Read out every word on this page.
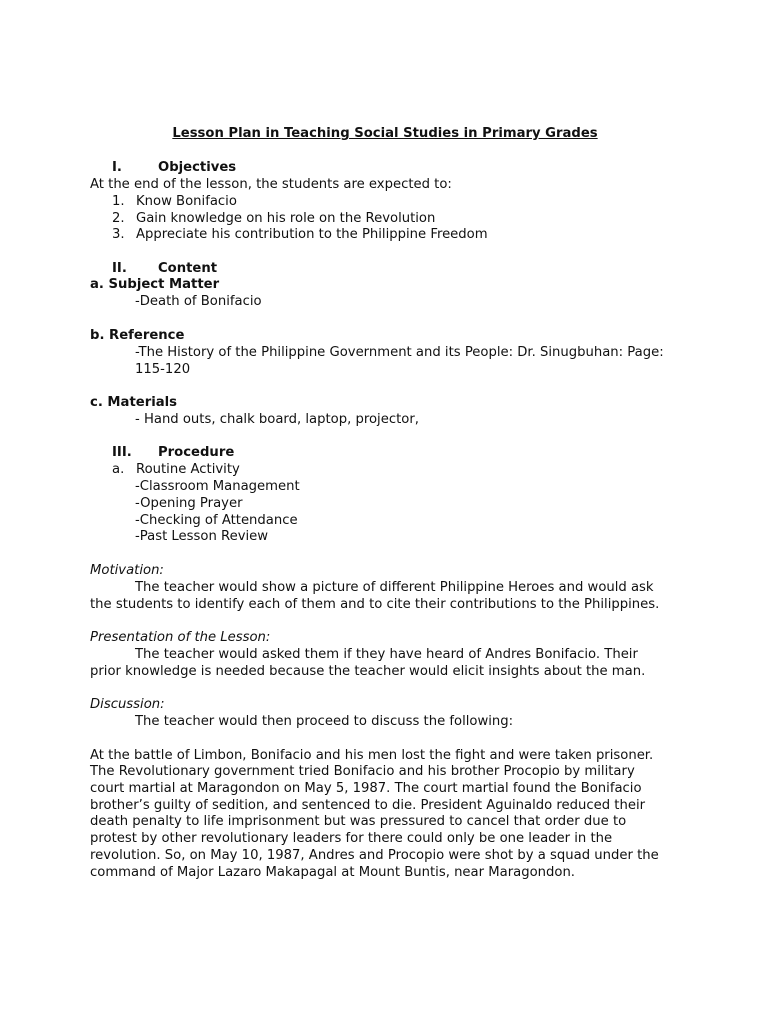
Lesson Plan in Teaching Social Studies in Primary Grades
I.	Objectives
At the end of the lesson, the students are expected to:
1. Know Bonifacio
2. Gain knowledge on his role on the Revolution
3. Appreciate his contribution to the Philippine Freedom
II. Content
a. Subject Matter
-Death of Bonifacio
b. Reference
-The History of the Philippine Government and its People: Dr. Sinugbuhan: Page:
115-120
c. Materials
- Hand outs, chalk board, laptop, projector,
III. Procedure
a. Routine Activity
-Classroom Management
-Opening Prayer
-Checking of Attendance
-Past Lesson Review
Motivation:
The teacher would show a picture of different Philippine Heroes and would ask
the students to identify each of them and to cite their contributions to the Philippines.
Presentation of the Lesson:
The teacher would asked them if they have heard of Andres Bonifacio. Their
prior knowledge is needed because the teacher would elicit insights about the man.
Discussion:
The teacher would then proceed to discuss the following:
At the battle of Limbon, Bonifacio and his men lost the fight and were taken prisoner.
The Revolutionary government tried Bonifacio and his brother Procopio by military
court martial at Maragondon on May 5, 1987. The court martial found the Bonifacio
brother’s guilty of sedition, and sentenced to die. President Aguinaldo reduced their
death penalty to life imprisonment but was pressured to cancel that order due to
protest by other revolutionary leaders for there could only be one leader in the
revolution. So, on May 10, 1987, Andres and Procopio were shot by a squad under the
command of Major Lazaro Makapagal at Mount Buntis, near Maragondon.
